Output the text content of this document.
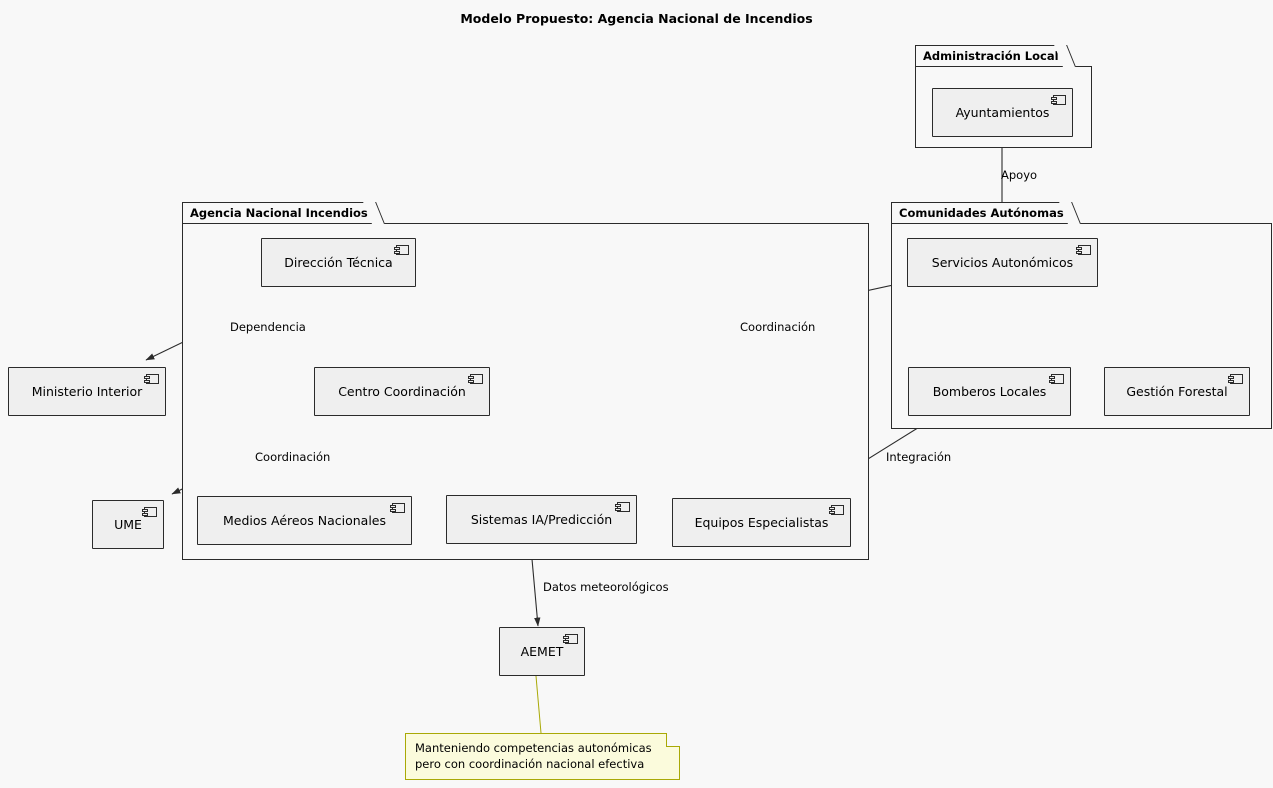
Modelo Propuesto: Agencia Nacional de Incendios
Administración Local
Agencia Nacional Incendios	Comunidades Autónomas
Ayuntamientos
Dirección Técnica	Servicios Autonómicos
Ministerio Interior	Centro Coordinación	Bomberos Locales	Gestión Forestal
UME	Medios Aéreos Nacionales	Sistemas IA/Predicción	Equipos Especialistas
AEMET
Apoyo
Dependencia	Coordinación
Coordinación	Integración
Datos meteorológicos
Manteniendo competencias autonómicas
pero con coordinación nacional efectiva
